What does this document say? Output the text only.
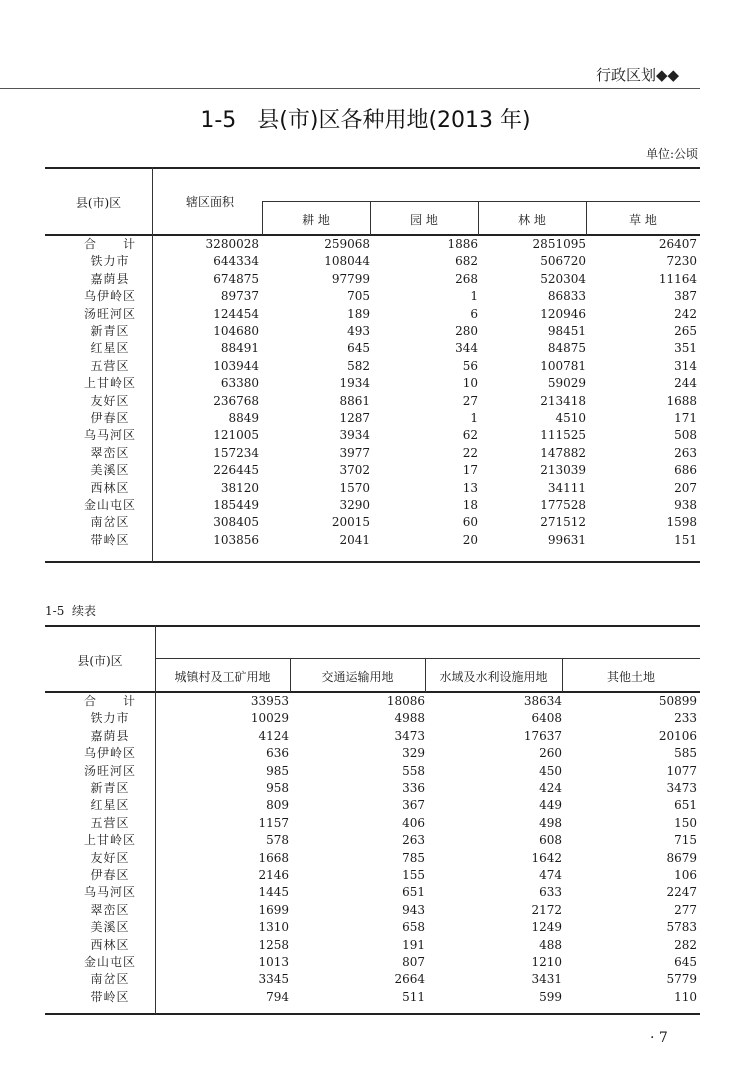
行政区划◆◆
1-5   县(市)区各种用地(2013 年)
单位:公顷
县(市)区	辖区面积
耕 地	园 地	林 地	草 地
合　　计	3280028	259068	1886	2851095	26407
铁力市	644334	108044	682	506720	7230
嘉荫县	674875	97799	268	520304	11164
乌伊岭区	89737	705	1	86833	387
汤旺河区	124454	189	6	120946	242
新青区	104680	493	280	98451	265
红星区	88491	645	344	84875	351
五营区	103944	582	56	100781	314
上甘岭区	63380	1934	10	59029	244
友好区	236768	8861	27	213418	1688
伊春区	8849	1287	1	4510	171
乌马河区	121005	3934	62	111525	508
翠峦区	157234	3977	22	147882	263
美溪区	226445	3702	17	213039	686
西林区	38120	1570	13	34111	207
金山屯区	185449	3290	18	177528	938
南岔区	308405	20015	60	271512	1598
带岭区	103856	2041	20	99631	151
1-5  续表
县(市)区
城镇村及工矿用地	交通运输用地	水域及水利设施用地	其他土地
合　　计	33953	18086	38634	50899
铁力市	10029	4988	6408	233
嘉荫县	4124	3473	17637	20106
乌伊岭区	636	329	260	585
汤旺河区	985	558	450	1077
新青区	958	336	424	3473
红星区	809	367	449	651
五营区	1157	406	498	150
上甘岭区	578	263	608	715
友好区	1668	785	1642	8679
伊春区	2146	155	474	106
乌马河区	1445	651	633	2247
翠峦区	1699	943	2172	277
美溪区	1310	658	1249	5783
西林区	1258	191	488	282
金山屯区	1013	807	1210	645
南岔区	3345	2664	3431	5779
带岭区	794	511	599	110
· 7
